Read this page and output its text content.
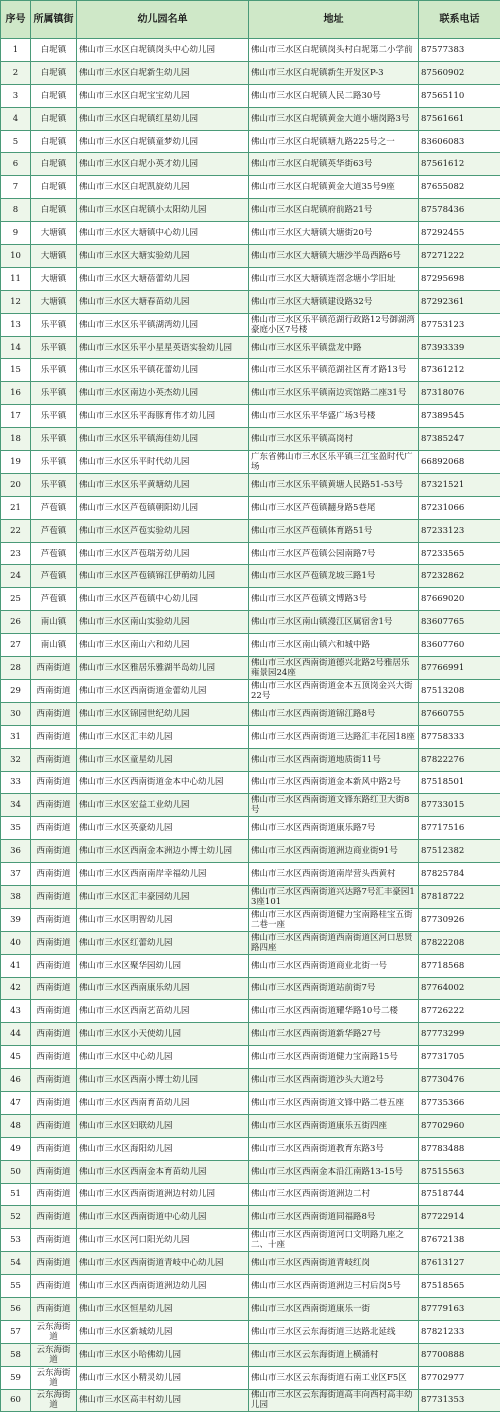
序号	所属镇街	幼儿园名单	地址	联系电话

1	白坭镇	佛山市三水区白坭镇岗头中心幼儿园	佛山市三水区白坭镇岗头村白坭第二小学前	87577383

2	白坭镇	佛山市三水区白坭新生幼儿园	佛山市三水区白坭镇新生开发区P-3	87560902

3	白坭镇	佛山市三水区白坭宝宝幼儿园	佛山市三水区白坭镇人民二路30号	87565110

4	白坭镇	佛山市三水区白坭镇红星幼儿园	佛山市三水区白坭镇黄金大道小塘岗路3号	87561661

5	白坭镇	佛山市三水区白坭镇童梦幼儿园	佛山市三水区白坭镇塘九路225号之一	83606083

6	白坭镇	佛山市三水区白坭小英才幼儿园	佛山市三水区白坭镇英华街63号	87561612

7	白坭镇	佛山市三水区白坭凯旋幼儿园	佛山市三水区白坭镇黄金大道35号9座	87655082

8	白坭镇	佛山市三水区白坭镇小太阳幼儿园	佛山市三水区白坭镇府前路21号	87578436

9	大塘镇	佛山市三水区大塘镇中心幼儿园	佛山市三水区大塘镇大塘街20号	87292455

10	大塘镇	佛山市三水区大塘实验幼儿园	佛山市三水区大塘镇大塘沙半岛西路6号	87271222

11	大塘镇	佛山市三水区大塘蓓蕾幼儿园	佛山市三水区大塘镇连滘念塘小学旧址	87295698

12	大塘镇	佛山市三水区大塘春苗幼儿园	佛山市三水区大塘镇建设路32号	87292361

13	乐平镇	佛山市三水区乐平镇湖湾幼儿园	佛山市三水区乐平镇范湖行政路12号御湖湾豪庭小区7号楼	87753123

14	乐平镇	佛山市三水区乐平小星星英语实验幼儿园	佛山市三水区乐平镇盘龙中路	87393339

15	乐平镇	佛山市三水区乐平镇花蕾幼儿园	佛山市三水区乐平镇范湖社区育才路13号	87361212

16	乐平镇	佛山市三水区南边小英杰幼儿园	佛山市三水区乐平镇南边宾馆路二座31号	87318076

17	乐平镇	佛山市三水区乐平海豚育伟才幼儿园	佛山市三水区乐平华盛广场3号楼	87389545

18	乐平镇	佛山市三水区乐平镇海佳幼儿园	佛山市三水区乐平镇高岗村	87385247

19	乐平镇	佛山市三水区乐平时代幼儿园	广东省佛山市三水区乐平镇三江宝盈时代广场	66892068

20	乐平镇	佛山市三水区乐平黄塘幼儿园	佛山市三水区乐平镇黄塘人民路51-53号	87321521

21	芦苞镇	佛山市三水区芦苞镇朝阳幼儿园	佛山市三水区芦苞镇翻身路5巷尾	87231066

22	芦苞镇	佛山市三水区芦苞实验幼儿园	佛山市三水区芦苞镇体育路51号	87233123

23	芦苞镇	佛山市三水区芦苞瑞芳幼儿园	佛山市三水区芦苞镇公园南路7号	87233565

24	芦苞镇	佛山市三水区芦苞镇锦江伊萌幼儿园	佛山市三水区芦苞镇龙坡三路1号	87232862

25	芦苞镇	佛山市三水区芦苞镇中心幼儿园	佛山市三水区芦苞镇文博路3号	87669020

26	南山镇	佛山市三水区南山实验幼儿园	佛山市三水区南山镇漫江区属宿舍1号	83607765

27	南山镇	佛山市三水区南山六和幼儿园	佛山市三水区南山镇六和城中路	83607760

28	西南街道	佛山市三水区雅居乐雅湖半岛幼儿园	佛山市三水区西南街道德兴北路2号雅居乐雍景园24座	87766991

29	西南街道	佛山市三水区西南街道金蕾幼儿园	佛山市三水区西南街道金本五顶岗金兴大街22号	87513208

30	西南街道	佛山市三水区锦园世纪幼儿园	佛山市三水区西南街道锦江路8号	87660755

31	西南街道	佛山市三水区汇丰幼儿园	佛山市三水区西南街道三达路汇丰花园18座	87758333

32	西南街道	佛山市三水区童星幼儿园	佛山市三水区西南街道地质街11号	87822276

33	西南街道	佛山市三水区西南街道金本中心幼儿园	佛山市三水区西南街道金本新风中路2号	87518501

34	西南街道	佛山市三水区宏益工业幼儿园	佛山市三水区西南街道文锋东路红卫大街8号	87733015

35	西南街道	佛山市三水区英豪幼儿园	佛山市三水区西南街道康乐路7号	87717516

36	西南街道	佛山市三水区西南金本洲边小博士幼儿园	佛山市三水区西南街道洲边商业街91号	87512382

37	西南街道	佛山市三水区西南南岸幸福幼儿园	佛山市三水区西南街道南岸营头西黄村	87825784

38	西南街道	佛山市三水区汇丰豪园幼儿园	佛山市三水区西南街道兴达路7号汇丰豪园13座101	87818722

39	西南街道	佛山市三水区明智幼儿园	佛山市三水区西南街道健力宝南路桂宝五街二巷一座	87730926

40	西南街道	佛山市三水区红蕾幼儿园	佛山市三水区西南街道西南街道区河口思贤路四座	87822208

41	西南街道	佛山市三水区聚华园幼儿园	佛山市三水区西南街道商业北街一号	87718568

42	西南街道	佛山市三水区西南康乐幼儿园	佛山市三水区西南街道站前街7号	87764002

43	西南街道	佛山市三水区西南艺苗幼儿园	佛山市三水区西南街道耀华路10号二楼	87726222

44	西南街道	佛山市三水区小天使幼儿园	佛山市三水区西南街道新华路27号	87773299

45	西南街道	佛山市三水区中心幼儿园	佛山市三水区西南街道健力宝南路15号	87731705

46	西南街道	佛山市三水区西南小博士幼儿园	佛山市三水区西南街道沙头大道2号	87730476

47	西南街道	佛山市三水区西南育苗幼儿园	佛山市三水区西南街道文锋中路二巷五座	87735366

48	西南街道	佛山市三水区妇联幼儿园	佛山市三水区西南街道康乐五街四座	87702960

49	西南街道	佛山市三水区海阳幼儿园	佛山市三水区西南街道教育东路3号	87783488

50	西南街道	佛山市三水区西南金本育苗幼儿园	佛山市三水区西南金本沿江南路13-15号	87515563

51	西南街道	佛山市三水区西南街道洲边村幼儿园	佛山市三水区西南街道洲边二村	87518744

52	西南街道	佛山市三水区西南街道中心幼儿园	佛山市三水区西南街道同福路8号	87722914

53	西南街道	佛山市三水区河口阳光幼儿园	佛山市三水区西南街道河口文明路九座之二、十座	87672138

54	西南街道	佛山市三水区西南街道青岐中心幼儿园	佛山市三水区西南街道青岐红岗	87613127

55	西南街道	佛山市三水区西南街道洲边幼儿园	佛山市三水区西南街道洲边三村后岗5号	87518565

56	西南街道	佛山市三水区恒星幼儿园	佛山市三水区西南街道康乐一街	87779163

57	云东海街道	佛山市三水区新城幼儿园	佛山市三水区云东海街道三达路北延线	87821233

58	云东海街道	佛山市三水区小哈佛幼儿园	佛山市三水区云东海街道上横涌村	87700888

59	云东海街道	佛山市三水区小精灵幼儿园	佛山市三水区云东海街道石南工业区F5区	87702977

60	云东海街道	佛山市三水区高丰村幼儿园	佛山市三水区云东海街道高丰向西村高丰幼儿园	87731353
